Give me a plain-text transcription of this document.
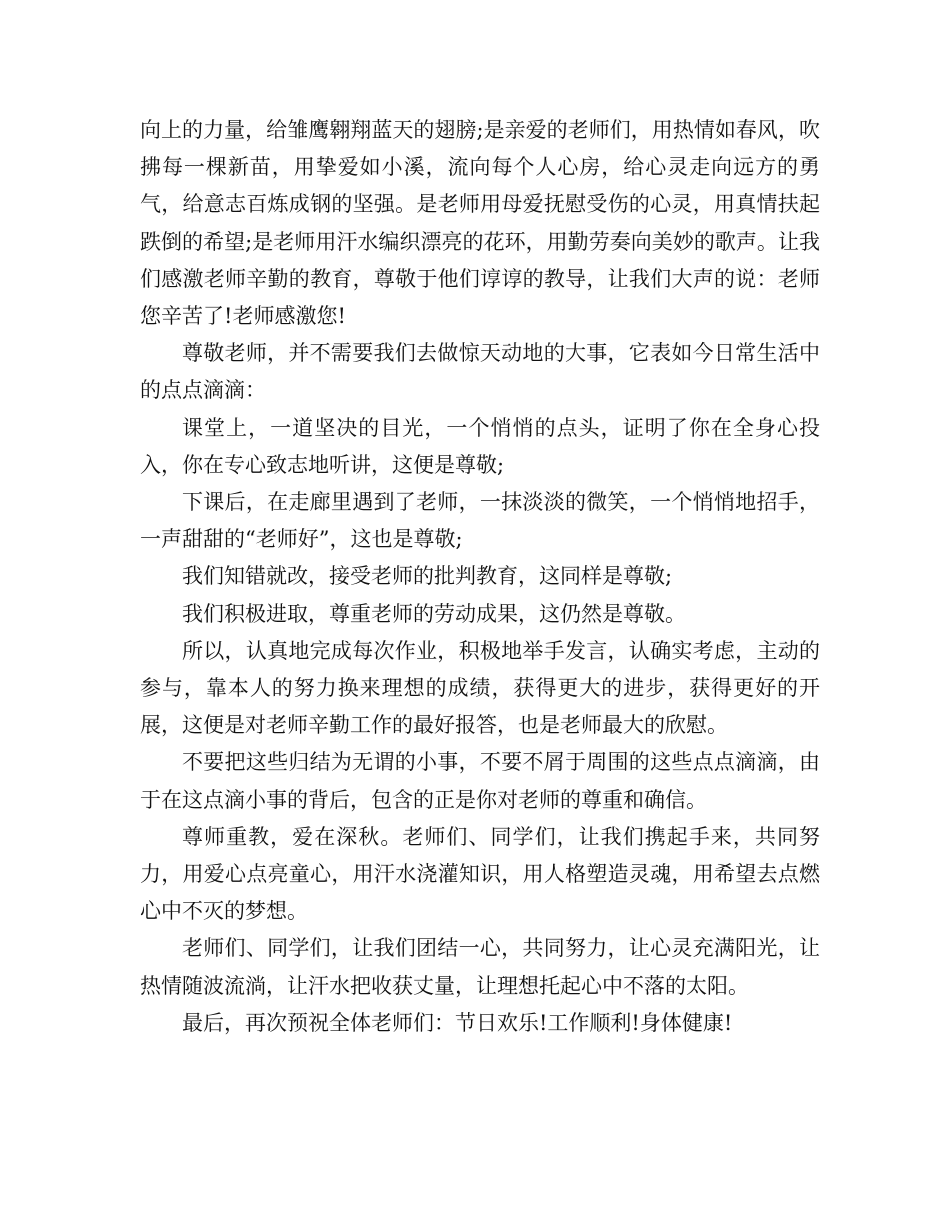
向上的力量，给雏鹰翱翔蓝天的翅膀;是亲爱的老师们，用热情如春风，吹拂每一棵新苗，用挚爱如小溪，流向每个人心房，给心灵走向远方的勇气，给意志百炼成钢的坚强。是老师用母爱抚慰受伤的心灵，用真情扶起跌倒的希望;是老师用汗水编织漂亮的花环，用勤劳奏向美妙的歌声。让我们感激老师辛勤的教育，尊敬于他们谆谆的教导，让我们大声的说：老师您辛苦了!老师感激您!

尊敬老师，并不需要我们去做惊天动地的大事，它表如今日常生活中的点点滴滴：

课堂上，一道坚决的目光，一个悄悄的点头，证明了你在全身心投入，你在专心致志地听讲，这便是尊敬;

下课后，在走廊里遇到了老师，一抹淡淡的微笑，一个悄悄地招手，一声甜甜的“老师好”，这也是尊敬;

我们知错就改，接受老师的批判教育，这同样是尊敬;

我们积极进取，尊重老师的劳动成果，这仍然是尊敬。

所以，认真地完成每次作业，积极地举手发言，认确实考虑，主动的参与，靠本人的努力换来理想的成绩，获得更大的进步，获得更好的开展，这便是对老师辛勤工作的最好报答，也是老师最大的欣慰。

不要把这些归结为无谓的小事，不要不屑于周围的这些点点滴滴，由于在这点滴小事的背后，包含的正是你对老师的尊重和确信。

尊师重教，爱在深秋。老师们、同学们，让我们携起手来，共同努力，用爱心点亮童心，用汗水浇灌知识，用人格塑造灵魂，用希望去点燃心中不灭的梦想。

老师们、同学们，让我们团结一心，共同努力，让心灵充满阳光，让热情随波流淌，让汗水把收获丈量，让理想托起心中不落的太阳。

最后，再次预祝全体老师们：节日欢乐!工作顺利!身体健康!
